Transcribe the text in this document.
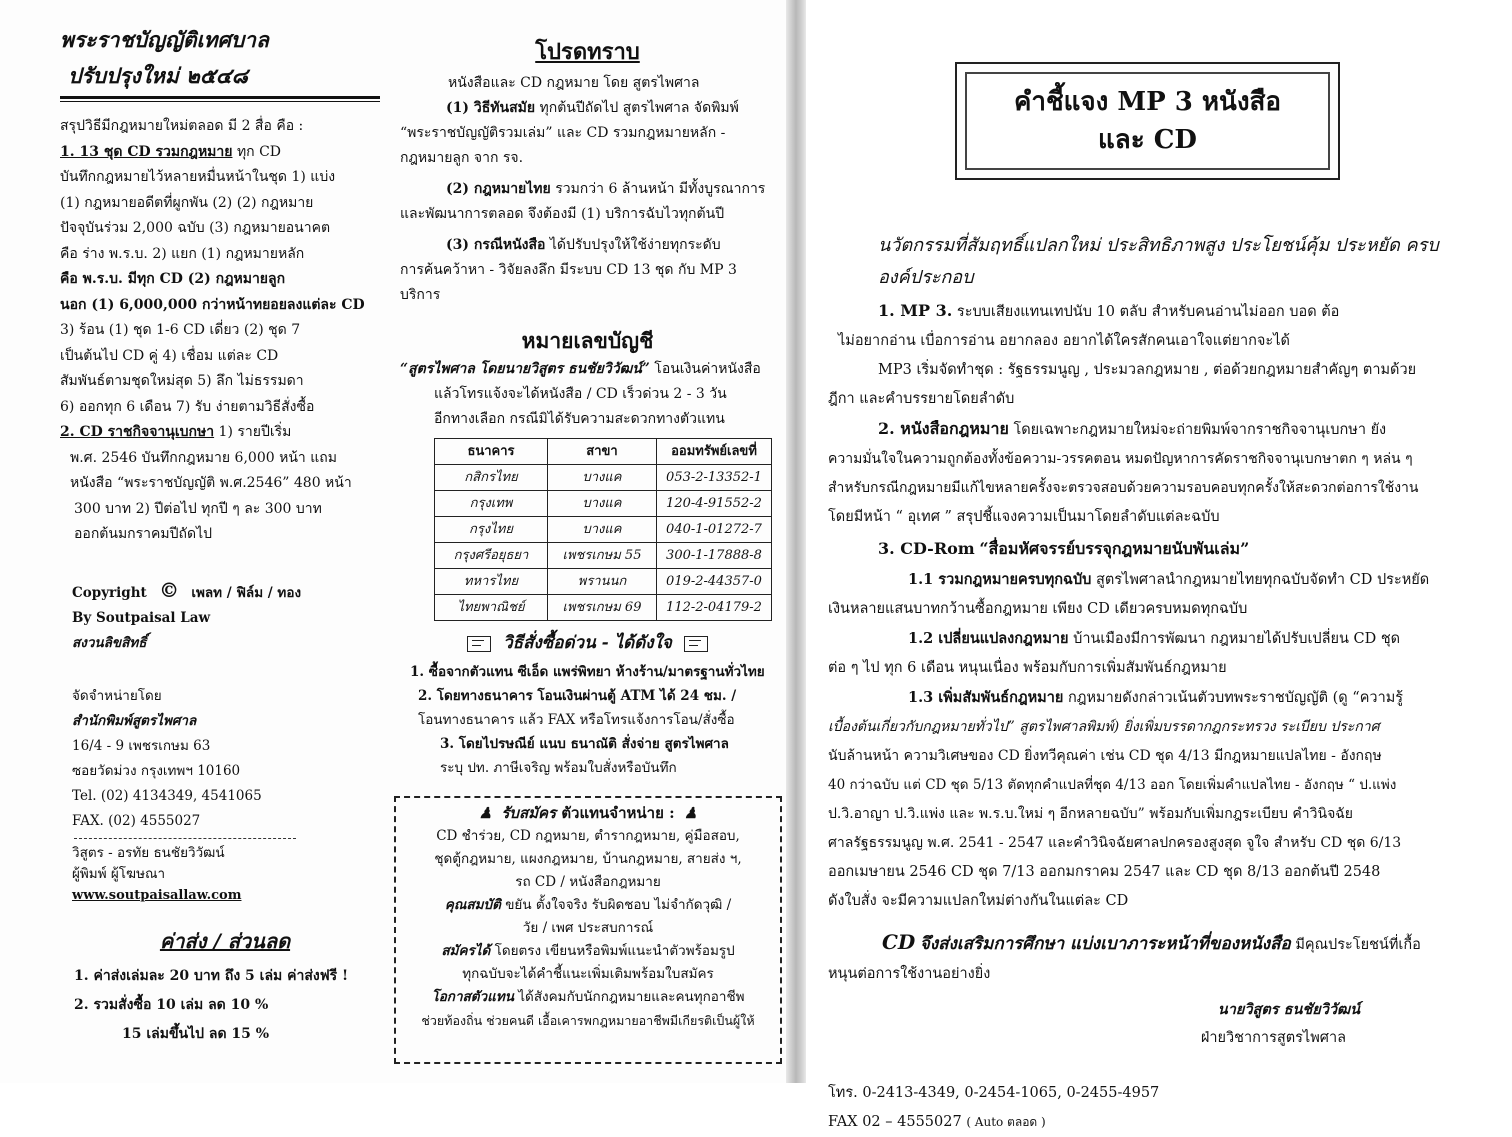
พระราชบัญญัติเทศบาล

ปรับปรุงใหม่ ๒๕๔๘

สรุปวิธีมีกฎหมายใหม่ตลอด มี 2 สื่อ คือ :

1. 13 ชุด CD รวมกฎหมาย ทุก CD

บันทึกกฎหมายไว้หลายหมื่นหน้าในชุด 1) แบ่ง

(1) กฎหมายอดีตที่ผูกพัน (2) (2) กฎหมาย

ปัจจุบันร่วม 2,000 ฉบับ (3) กฎหมายอนาคต

คือ ร่าง พ.ร.บ. 2) แยก (1) กฎหมายหลัก

คือ พ.ร.บ. มีทุก CD (2) กฎหมายลูก

นอก (1) 6,000,000 กว่าหน้าทยอยลงแต่ละ CD

3) ร้อน (1) ชุด 1-6 CD เดี่ยว (2) ชุด 7

เป็นต้นไป CD คู่ 4) เชื่อม แต่ละ CD

สัมพันธ์ตามชุดใหม่สุด 5) ลึก ไม่ธรรมดา

6) ออกทุก 6 เดือน 7) รับ ง่ายตามวิธีสั่งซื้อ

2. CD ราชกิจจานุเบกษา 1) รายปีเริ่ม

พ.ศ. 2546 บันทึกกฎหมาย 6,000 หน้า แถม

หนังสือ “พระราชบัญญัติ พ.ศ.2546” 480 หน้า

300 บาท 2) ปีต่อไป ทุกปี ๆ ละ 300 บาท

ออกต้นมกราคมปีถัดไป

Copyright © เพลท / ฟิล์ม / ทอง

By Soutpaisal Law

สงวนลิขสิทธิ์

จัดจำหน่ายโดย

สำนักพิมพ์สูตรไพศาล

16/4 - 9 เพชรเกษม 63

ซอยวัดม่วง กรุงเทพฯ 10160

Tel. (02) 4134349, 4541065

FAX. (02) 4555027

วิสูตร - อรทัย ธนชัยวิวัฒน์

ผู้พิมพ์ ผู้โฆษณา

www.soutpaisallaw.com

ค่าส่ง / ส่วนลด

1. ค่าส่งเล่มละ 20 บาท ถึง 5 เล่ม ค่าส่งฟรี !

2. รวมสั่งซื้อ 10 เล่ม ลด 10 %

15 เล่มขึ้นไป ลด 15 %

โปรดทราบ

หนังสือและ CD กฎหมาย โดย สูตรไพศาล

(1) วิธีทันสมัย ทุกต้นปีถัดไป สูตรไพศาล จัดพิมพ์

“พระราชบัญญัติรวมเล่ม” และ CD รวมกฎหมายหลัก -

กฎหมายลูก จาก รจ.

(2) กฎหมายไทย รวมกว่า 6 ล้านหน้า มีทั้งบูรณาการ

และพัฒนาการตลอด จึงต้องมี (1) บริการฉับไวทุกต้นปี

(3) กรณีหนังสือ ได้ปรับปรุงให้ใช้ง่ายทุกระดับ

การค้นคว้าหา - วิจัยลงลึก มีระบบ CD 13 ชุด กับ MP 3 บริการ

หมายเลขบัญชี

“สูตรไพศาล โดยนายวิสูตร ธนชัยวิวัฒน์” โอนเงินค่าหนังสือ

แล้วโทรแจ้งจะได้หนังสือ / CD เร็วด่วน 2 - 3 วัน

อีกทางเลือก กรณีมิได้รับความสะดวกทางตัวแทน

ธนาคาร	สาขา	ออมทรัพย์เลขที่
กสิกรไทย	บางแค	053-2-13352-1
กรุงเทพ	บางแค	120-4-91552-2
กรุงไทย	บางแค	040-1-01272-7
กรุงศรีอยุธยา	เพชรเกษม 55	300-1-17888-8
ทหารไทย	พรานนก	019-2-44357-0
ไทยพาณิชย์	เพชรเกษม 69	112-2-04179-2

วิธีสั่งซื้อด่วน - ได้ดังใจ

1. ซื้อจากตัวแทน ซีเอ็ด แพร่พิทยา ห้างร้าน/มาตรฐานทั่วไทย

2. โดยทางธนาคาร โอนเงินผ่านตู้ ATM ได้ 24 ชม. /

โอนทางธนาคาร แล้ว FAX หรือโทรแจ้งการโอน/สั่งซื้อ

3. โดยไปรษณีย์ แนบ ธนาณัติ สั่งจ่าย สูตรไพศาล

ระบุ ปท. ภาษีเจริญ พร้อมใบสั่งหรือบันทึก

♟ รับสมัคร ตัวแทนจำหน่าย : ♟

CD ชำร่วย, CD กฎหมาย, ตำรากฎหมาย, คู่มือสอบ,

ชุดตู้กฎหมาย, แผงกฎหมาย, บ้านกฎหมาย, สายส่ง ฯ,

รถ CD / หนังสือกฎหมาย

คุณสมบัติ ขยัน ตั้งใจจริง รับผิดชอบ ไม่จำกัดวุฒิ /

วัย / เพศ ประสบการณ์

สมัครได้ โดยตรง เขียนหรือพิมพ์แนะนำตัวพร้อมรูป

ทุกฉบับจะได้คำชี้แนะเพิ่มเติมพร้อมใบสมัคร

โอกาสตัวแทน ได้สังคมกับนักกฎหมายและคนทุกอาชีพ

ช่วยท้องถิ่น ช่วยคนดี เอื้อเคารพกฎหมายอาชีพมีเกียรติเป็นผู้ให้

คำชี้แจง MP 3 หนังสือ

และ CD

นวัตกรรมที่สัมฤทธิ์แปลกใหม่ ประสิทธิภาพสูง ประโยชน์คุ้ม ประหยัด ครบองค์ประกอบ

1. MP 3. ระบบเสียงแทนเทปนับ 10 ตลับ สำหรับคนอ่านไม่ออก บอด ต้อ

ไม่อยากอ่าน เบื่อการอ่าน อยากลอง อยากได้ใครสักคนเอาใจแต่ยากจะได้

MP3 เริ่มจัดทำชุด : รัฐธรรมนูญ , ประมวลกฎหมาย , ต่อด้วยกฎหมายสำคัญๆ ตามด้วย

ฎีกา และคำบรรยายโดยลำดับ

2. หนังสือกฎหมาย โดยเฉพาะกฎหมายใหม่จะถ่ายพิมพ์จากราชกิจจานุเบกษา ยัง

ความมั่นใจในความถูกต้องทั้งข้อความ-วรรคตอน หมดปัญหาการคัดราชกิจจานุเบกษาตก ๆ หล่น ๆ

สำหรับกรณีกฎหมายมีแก้ไขหลายครั้งจะตรวจสอบด้วยความรอบคอบทุกครั้งให้สะดวกต่อการใช้งาน

โดยมีหน้า “ อุเทศ ” สรุปชี้แจงความเป็นมาโดยลำดับแต่ละฉบับ

3. CD-Rom “สื่อมหัศจรรย์บรรจุกฎหมายนับพันเล่ม”

1.1 รวมกฎหมายครบทุกฉบับ สูตรไพศาลนำกฎหมายไทยทุกฉบับจัดทำ CD ประหยัด

เงินหลายแสนบาทกว้านซื้อกฎหมาย เพียง CD เดียวครบหมดทุกฉบับ

1.2 เปลี่ยนแปลงกฎหมาย บ้านเมืองมีการพัฒนา กฎหมายได้ปรับเปลี่ยน CD ชุด

ต่อ ๆ ไป ทุก 6 เดือน หนุนเนื่อง พร้อมกับการเพิ่มสัมพันธ์กฎหมาย

1.3 เพิ่มสัมพันธ์กฎหมาย กฎหมายดังกล่าวเน้นตัวบทพระราชบัญญัติ (ดู “ความรู้

เบื้องต้นเกี่ยวกับกฎหมายทั่วไป” สูตรไพศาลพิมพ์) ยิ่งเพิ่มบรรดากฎกระทรวง ระเบียบ ประกาศ

นับล้านหน้า ความวิเศษของ CD ยิ่งทวีคุณค่า เช่น CD ชุด 4/13 มีกฎหมายแปลไทย - อังกฤษ

40 กว่าฉบับ แต่ CD ชุด 5/13 ตัดทุกคำแปลที่ชุด 4/13 ออก โดยเพิ่มคำแปลไทย - อังกฤษ “ ป.แพ่ง

ป.วิ.อาญา ป.วิ.แพ่ง และ พ.ร.บ.ใหม่ ๆ อีกหลายฉบับ” พร้อมกับเพิ่มกฎระเบียบ คำวินิจฉัย

ศาลรัฐธรรมนูญ พ.ศ. 2541 - 2547 และคำวินิจฉัยศาลปกครองสูงสุด จูใจ สำหรับ CD ชุด 6/13

ออกเมษายน 2546 CD ชุด 7/13 ออกมกราคม 2547 และ CD ชุด 8/13 ออกต้นปี 2548

ดังใบสั่ง จะมีความแปลกใหม่ต่างกันในแต่ละ CD

CD จึงส่งเสริมการศึกษา แบ่งเบาภาระหน้าที่ของหนังสือ มีคุณประโยชน์ที่เกื้อ

หนุนต่อการใช้งานอย่างยิ่ง

นายวิสูตร ธนชัยวิวัฒน์

ฝ่ายวิชาการสูตรไพศาล

โทร. 0-2413-4349, 0-2454-1065, 0-2455-4957

FAX 02 – 4555027 ( Auto ตลอด )
